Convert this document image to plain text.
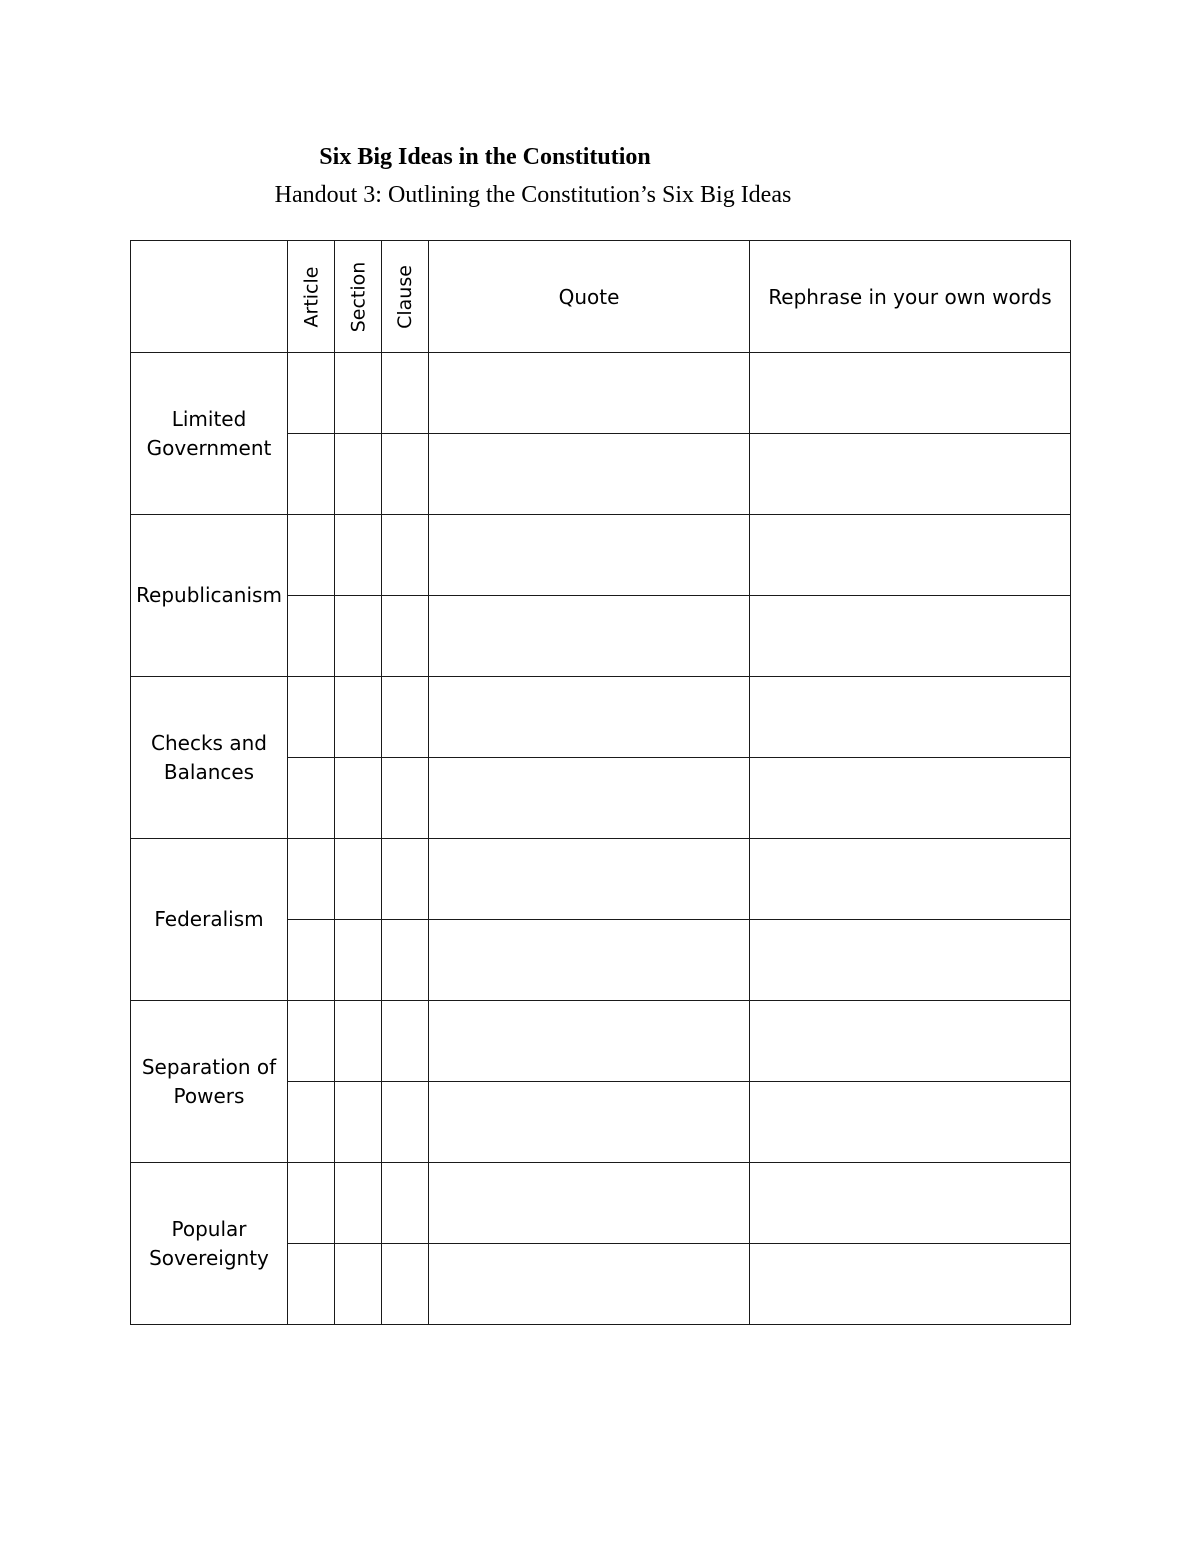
Six Big Ideas in the Constitution
Handout 3: Outlining the Constitution’s Six Big Ideas

	Article	Section	Clause	Quote	Rephrase in your own words
Limited Government					

Republicanism					

Checks and Balances					

Federalism					

Separation of Powers					

Popular Sovereignty					
